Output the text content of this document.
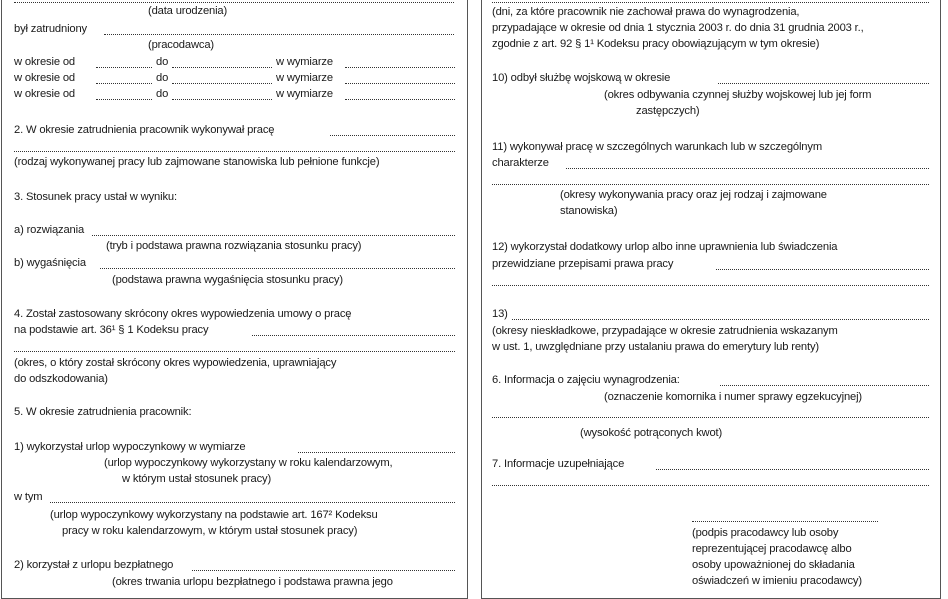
(data urodzenia)
był zatrudniony
(pracodawca)
w okresie od	do	w wymiarze
w okresie od	do	w wymiarze
w okresie od	do	w wymiarze
2. W okresie zatrudnienia pracownik wykonywał pracę
(rodzaj wykonywanej pracy lub zajmowane stanowiska lub pełnione funkcje)
3. Stosunek pracy ustał w wyniku:
a) rozwiązania
(tryb i podstawa prawna rozwiązania stosunku pracy)
b) wygaśnięcia
(podstawa prawna wygaśnięcia stosunku pracy)
4. Został zastosowany skrócony okres wypowiedzenia umowy o pracę
na podstawie art. 36¹ § 1 Kodeksu pracy
(okres, o który został skrócony okres wypowiedzenia, uprawniający
do odszkodowania)
5. W okresie zatrudnienia pracownik:
1) wykorzystał urlop wypoczynkowy w wymiarze
(urlop wypoczynkowy wykorzystany w roku kalendarzowym,
w którym ustał stosunek pracy)
w tym
(urlop wypoczynkowy wykorzystany na podstawie art. 167² Kodeksu
pracy w roku kalendarzowym, w którym ustał stosunek pracy)
2) korzystał z urlopu bezpłatnego
(okres trwania urlopu bezpłatnego i podstawa prawna jego
(dni, za które pracownik nie zachował prawa do wynagrodzenia,
przypadające w okresie od dnia 1 stycznia 2003 r. do dnia 31 grudnia 2003 r.,
zgodnie z art. 92 § 1¹ Kodeksu pracy obowiązującym w tym okresie)
10) odbył służbę wojskową w okresie
(okres odbywania czynnej służby wojskowej lub jej form
zastępczych)
11) wykonywał pracę w szczególnych warunkach lub w szczególnym
charakterze
(okresy wykonywania pracy oraz jej rodzaj i zajmowane
stanowiska)
12) wykorzystał dodatkowy urlop albo inne uprawnienia lub świadczenia
przewidziane przepisami prawa pracy
13)
(okresy nieskładkowe, przypadające w okresie zatrudnienia wskazanym
w ust. 1, uwzględniane przy ustalaniu prawa do emerytury lub renty)
6. Informacja o zajęciu wynagrodzenia:
(oznaczenie komornika i numer sprawy egzekucyjnej)
(wysokość potrąconych kwot)
7. Informacje uzupełniające
(podpis pracodawcy lub osoby
reprezentującej pracodawcę albo
osoby upoważnionej do składania
oświadczeń w imieniu pracodawcy)
